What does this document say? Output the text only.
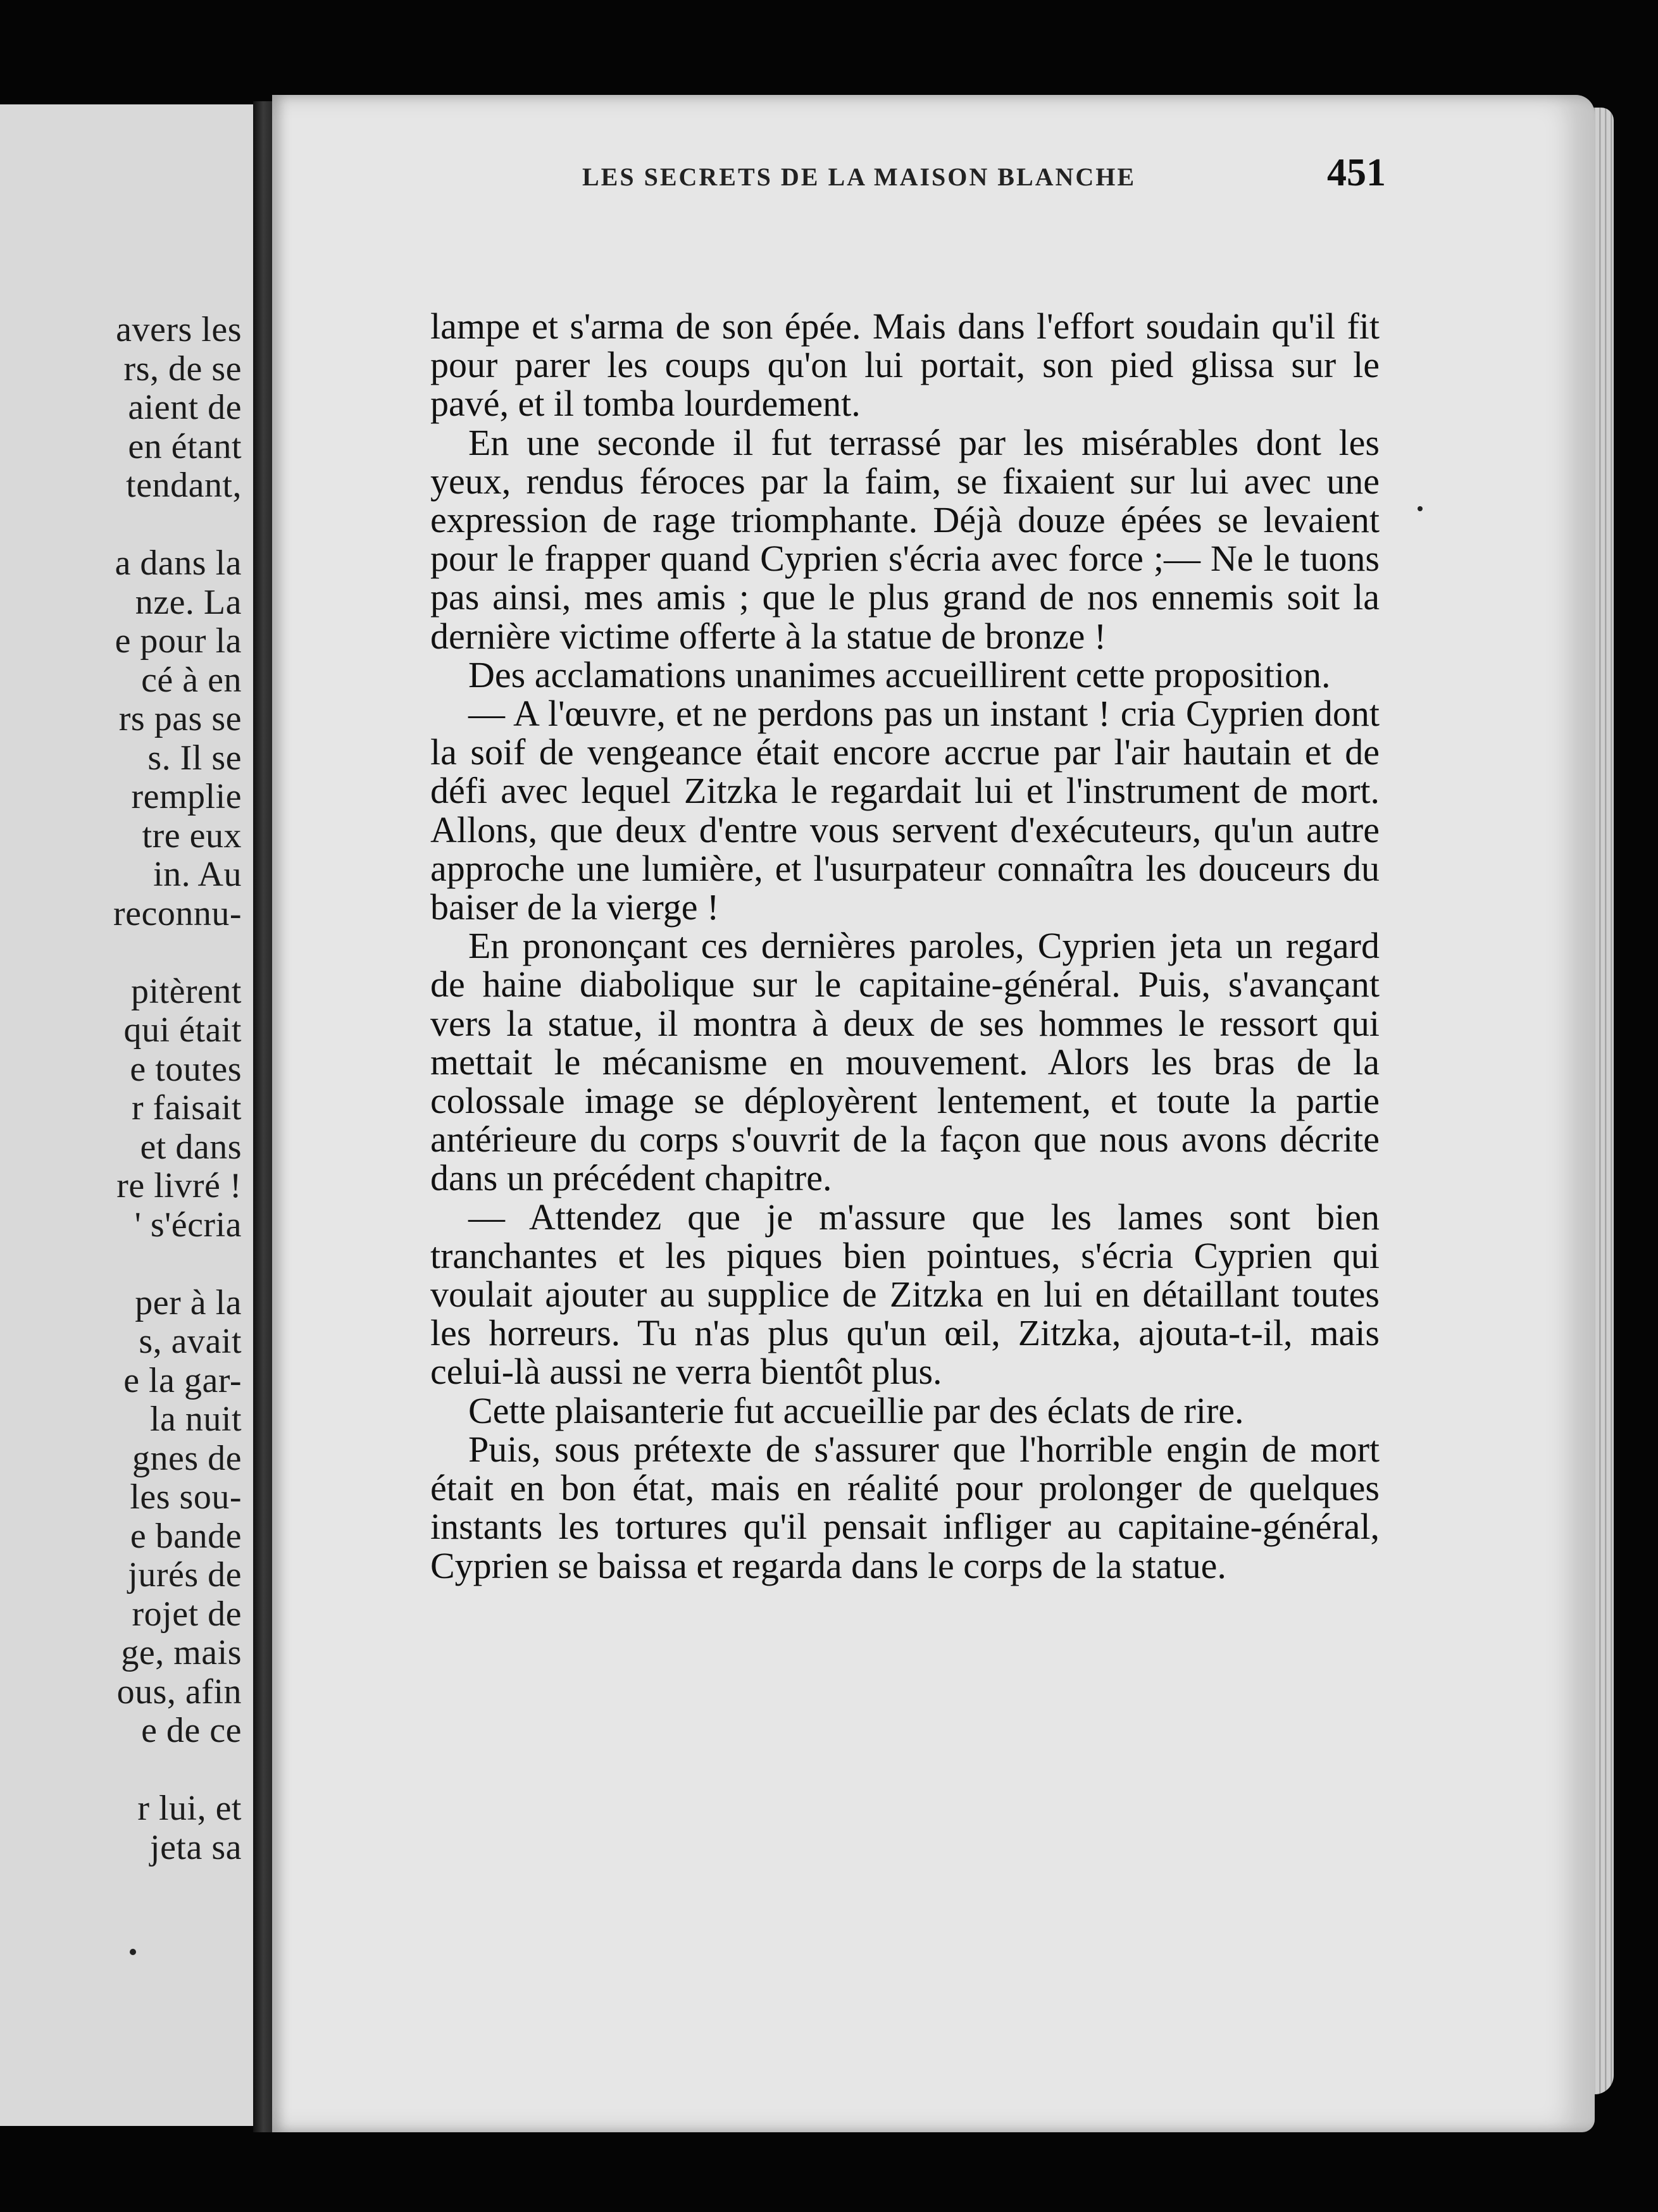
avers les
rs, de se
aient de
en étant
tendant,
a dans la
nze. La
e pour la
cé à en
rs pas se
s. Il se
remplie
tre eux
in. Au
reconnu-
pitèrent
qui était
e toutes
r faisait
et dans
re livré !
' s'écria
per à la
s, avait
e la gar-
la nuit
gnes de
les sou-
e bande
jurés de
rojet de
ge, mais
ous, afin
e de ce
r lui, et
jeta sa
LES SECRETS DE LA MAISON BLANCHE	451

lampe et s'arma de son épée. Mais dans l'effort soudain qu'il fit pour parer les coups qu'on lui portait, son pied glissa sur le pavé, et il tomba lourdement.

En une seconde il fut terrassé par les misérables dont les yeux, rendus féroces par la faim, se fixaient sur lui avec une expression de rage triomphante. Déjà douze épées se levaient pour le frapper quand Cyprien s'écria avec force ;— Ne le tuons pas ainsi, mes amis ; que le plus grand de nos ennemis soit la dernière victime offerte à la statue de bronze !

Des acclamations unanimes accueillirent cette proposition.

— A l'œuvre, et ne perdons pas un instant ! cria Cyprien dont la soif de vengeance était encore accrue par l'air hautain et de défi avec lequel Zitzka le regardait lui et l'instrument de mort. Allons, que deux d'entre vous servent d'exécuteurs, qu'un autre approche une lumière, et l'usurpateur connaîtra les douceurs du baiser de la vierge !

En prononçant ces dernières paroles, Cyprien jeta un regard de haine diabolique sur le capitaine-général. Puis, s'avançant vers la statue, il montra à deux de ses hommes le ressort qui mettait le mécanisme en mouvement. Alors les bras de la colossale image se déployèrent lentement, et toute la partie antérieure du corps s'ouvrit de la façon que nous avons décrite dans un précédent chapitre.

— Attendez que je m'assure que les lames sont bien tranchantes et les piques bien pointues, s'écria Cyprien qui voulait ajouter au supplice de Zitzka en lui en détaillant toutes les horreurs. Tu n'as plus qu'un œil, Zitzka, ajouta-t-il, mais celui-là aussi ne verra bientôt plus.

Cette plaisanterie fut accueillie par des éclats de rire.

Puis, sous prétexte de s'assurer que l'horrible engin de mort était en bon état, mais en réalité pour prolonger de quelques instants les tortures qu'il pensait infliger au capitaine-général, Cyprien se baissa et regarda dans le corps de la statue.
